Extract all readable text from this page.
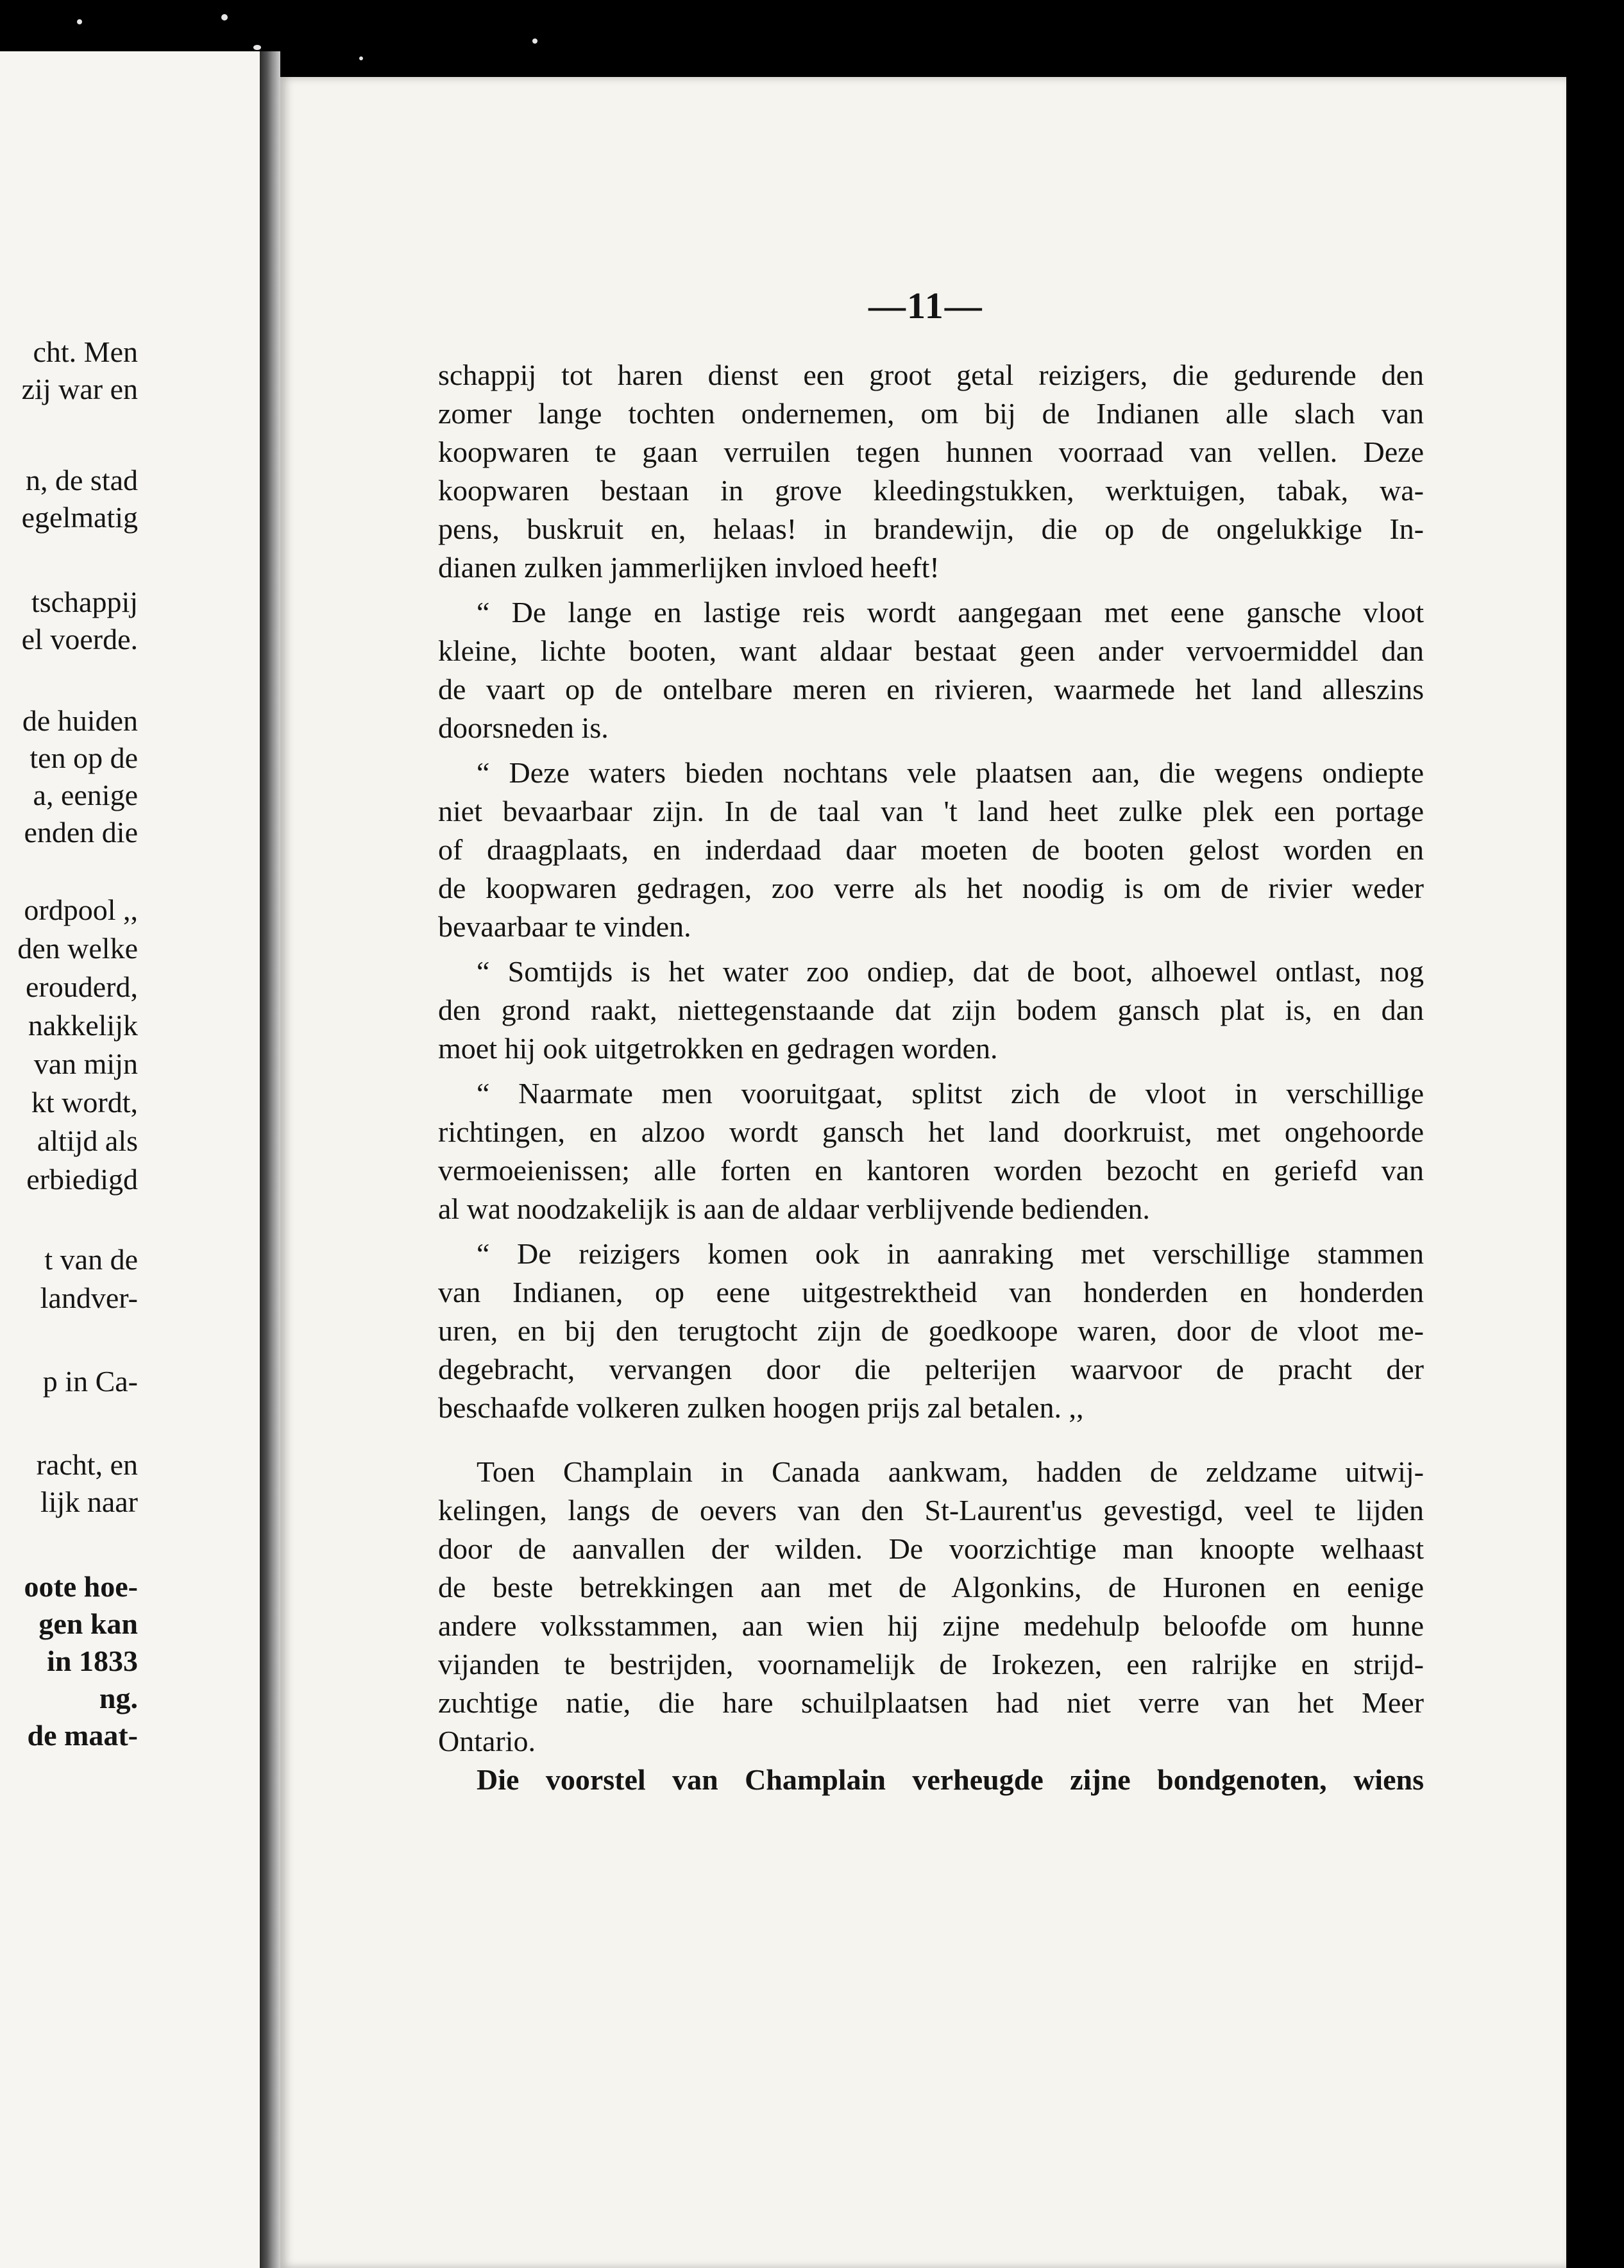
cht. Men
zij war en
n, de stad
egelmatig
tschappij
el voerde.
de huiden
ten op de
a, eenige
enden die
ordpool ,,
den welke
erouderd,
nakkelijk
van mijn
kt wordt,
altijd als
erbiedigd
t van de
landver-
p in Ca-
racht, en
lijk naar
oote hoe-
gen kan
in 1833
ng.
de maat-
—11—
schappij tot haren dienst een groot getal reizigers, die gedurende den
zomer lange tochten ondernemen, om bij de Indianen alle slach van
koopwaren te gaan verruilen tegen hunnen voorraad van vellen. Deze
koopwaren bestaan in grove kleedingstukken, werktuigen, tabak, wa-
pens, buskruit en, helaas! in brandewijn, die op de ongelukkige In-
dianen zulken jammerlijken invloed heeft!
“ De lange en lastige reis wordt aangegaan met eene gansche vloot
kleine, lichte booten, want aldaar bestaat geen ander vervoermiddel dan
de vaart op de ontelbare meren en rivieren, waarmede het land alleszins
doorsneden is.
“ Deze waters bieden nochtans vele plaatsen aan, die wegens ondiepte
niet bevaarbaar zijn. In de taal van 't land heet zulke plek een portage
of draagplaats, en inderdaad daar moeten de booten gelost worden en
de koopwaren gedragen, zoo verre als het noodig is om de rivier weder
bevaarbaar te vinden.
“ Somtijds is het water zoo ondiep, dat de boot, alhoewel ontlast, nog
den grond raakt, niettegenstaande dat zijn bodem gansch plat is, en dan
moet hij ook uitgetrokken en gedragen worden.
“ Naarmate men vooruitgaat, splitst zich de vloot in verschillige
richtingen, en alzoo wordt gansch het land doorkruist, met ongehoorde
vermoeienissen; alle forten en kantoren worden bezocht en geriefd van
al wat noodzakelijk is aan de aldaar verblijvende bedienden.
“ De reizigers komen ook in aanraking met verschillige stammen
van Indianen, op eene uitgestrektheid van honderden en honderden
uren, en bij den terugtocht zijn de goedkoope waren, door de vloot me-
degebracht, vervangen door die pelterijen waarvoor de pracht der
beschaafde volkeren zulken hoogen prijs zal betalen. ,,
Toen Champlain in Canada aankwam, hadden de zeldzame uitwij-
kelingen, langs de oevers van den St-Laurent'us gevestigd, veel te lijden
door de aanvallen der wilden. De voorzichtige man knoopte welhaast
de beste betrekkingen aan met de Algonkins, de Huronen en eenige
andere volksstammen, aan wien hij zijne medehulp beloofde om hunne
vijanden te bestrijden, voornamelijk de Irokezen, een ralrijke en strijd-
zuchtige natie, die hare schuilplaatsen had niet verre van het Meer
Ontario.
Die voorstel van Champlain verheugde zijne bondgenoten, wiens
